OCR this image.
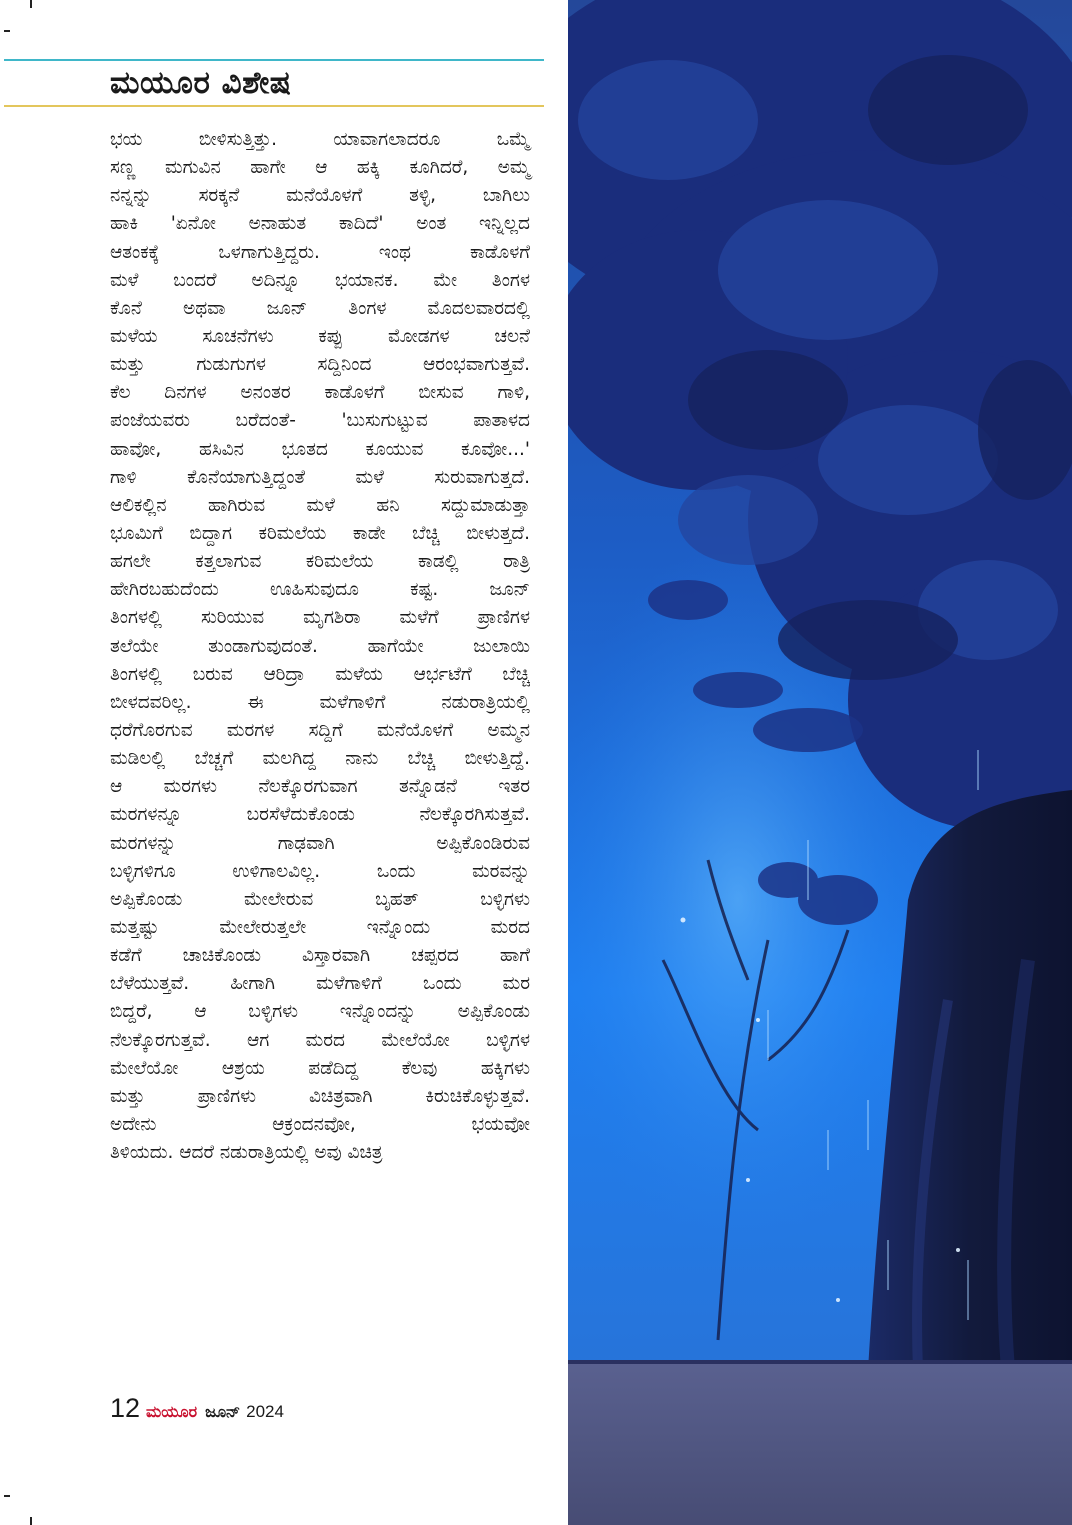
ಮಯೂರ ವಿಶೇಷ
ಭಯ ಬೀಳಿಸುತ್ತಿತ್ತು. ಯಾವಾಗಲಾದರೂ ಒಮ್ಮೆ
ಸಣ್ಣ ಮಗುವಿನ ಹಾಗೇ ಆ ಹಕ್ಕಿ ಕೂಗಿದರೆ, ಅಮ್ಮ
ನನ್ನನ್ನು ಸರಕ್ಕನೆ ಮನೆಯೊಳಗೆ ತಳ್ಳಿ, ಬಾಗಿಲು
ಹಾಕಿ 'ಏನೋ ಅನಾಹುತ ಕಾದಿದೆ' ಅಂತ ಇನ್ನಿಲ್ಲದ
ಆತಂಕಕ್ಕೆ ಒಳಗಾಗುತ್ತಿದ್ದರು. ಇಂಥ ಕಾಡೊಳಗೆ
ಮಳೆ ಬಂದರೆ ಅದಿನ್ನೂ ಭಯಾನಕ. ಮೇ ತಿಂಗಳ
ಕೊನೆ ಅಥವಾ ಜೂನ್ ತಿಂಗಳ ಮೊದಲವಾರದಲ್ಲಿ
ಮಳೆಯ ಸೂಚನೆಗಳು ಕಪ್ಪು ಮೋಡಗಳ ಚಲನೆ
ಮತ್ತು ಗುಡುಗುಗಳ ಸದ್ದಿನಿಂದ ಆರಂಭವಾಗುತ್ತವೆ.
ಕೆಲ ದಿನಗಳ ಅನಂತರ ಕಾಡೊಳಗೆ ಬೀಸುವ ಗಾಳಿ,
ಪಂಜೆಯವರು ಬರೆದಂತೆ- 'ಬುಸುಗುಟ್ಟುವ ಪಾತಾಳದ
ಹಾವೋ, ಹಸಿವಿನ ಭೂತದ ಕೂಯುವ ಕೂವೋ...'
ಗಾಳಿ ಕೊನೆಯಾಗುತ್ತಿದ್ದಂತೆ ಮಳೆ ಸುರುವಾಗುತ್ತದೆ.
ಆಲಿಕಲ್ಲಿನ ಹಾಗಿರುವ ಮಳೆ ಹನಿ ಸದ್ದುಮಾಡುತ್ತಾ
ಭೂಮಿಗೆ ಬಿದ್ದಾಗ ಕರಿಮಲೆಯ ಕಾಡೇ ಬೆಚ್ಚಿ ಬೀಳುತ್ತದೆ.
ಹಗಲೇ ಕತ್ತಲಾಗುವ ಕರಿಮಲೆಯ ಕಾಡಲ್ಲಿ ರಾತ್ರಿ
ಹೇಗಿರಬಹುದೆಂದು ಊಹಿಸುವುದೂ ಕಷ್ಟ. ಜೂನ್
ತಿಂಗಳಲ್ಲಿ ಸುರಿಯುವ ಮೃಗಶಿರಾ ಮಳೆಗೆ ಪ್ರಾಣಿಗಳ
ತಲೆಯೇ ತುಂಡಾಗುವುದಂತೆ. ಹಾಗೆಯೇ ಜುಲಾಯಿ
ತಿಂಗಳಲ್ಲಿ ಬರುವ ಆರಿದ್ರಾ ಮಳೆಯ ಆರ್ಭಟೆಗೆ ಬೆಚ್ಚಿ
ಬೀಳದವರಿಲ್ಲ. ಈ ಮಳೆಗಾಳಿಗೆ ನಡುರಾತ್ರಿಯಲ್ಲಿ
ಧರೆಗೊರಗುವ ಮರಗಳ ಸದ್ದಿಗೆ ಮನೆಯೊಳಗೆ ಅಮ್ಮನ
ಮಡಿಲಲ್ಲಿ ಬೆಚ್ಚಗೆ ಮಲಗಿದ್ದ ನಾನು ಬೆಚ್ಚಿ ಬೀಳುತ್ತಿದ್ದೆ.
ಆ ಮರಗಳು ನೆಲಕ್ಕೊರಗುವಾಗ ತನ್ನೊಡನೆ ಇತರ
ಮರಗಳನ್ನೂ ಬರಸೆಳೆದುಕೊಂಡು ನೆಲಕ್ಕೊರಗಿಸುತ್ತವೆ.
ಮರಗಳನ್ನು ಗಾಢವಾಗಿ ಅಪ್ಪಿಕೊಂಡಿರುವ
ಬಳ್ಳಿಗಳಿಗೂ ಉಳಿಗಾಲವಿಲ್ಲ. ಒಂದು ಮರವನ್ನು
ಅಪ್ಪಿಕೊಂಡು ಮೇಲೇರುವ ಬೃಹತ್ ಬಳ್ಳಿಗಳು
ಮತ್ತಷ್ಟು ಮೇಲೇರುತ್ತಲೇ ಇನ್ನೊಂದು ಮರದ
ಕಡೆಗೆ ಚಾಚಿಕೊಂಡು ವಿಸ್ತಾರವಾಗಿ ಚಪ್ಪರದ ಹಾಗೆ
ಬೆಳೆಯುತ್ತವೆ. ಹೀಗಾಗಿ ಮಳೆಗಾಳಿಗೆ ಒಂದು ಮರ
ಬಿದ್ದರೆ, ಆ ಬಳ್ಳಿಗಳು ಇನ್ನೊಂದನ್ನು ಅಪ್ಪಿಕೊಂಡು
ನೆಲಕ್ಕೊರಗುತ್ತವೆ. ಆಗ ಮರದ ಮೇಲೆಯೋ ಬಳ್ಳಿಗಳ
ಮೇಲೆಯೋ ಆಶ್ರಯ ಪಡೆದಿದ್ದ ಕೆಲವು ಹಕ್ಕಿಗಳು
ಮತ್ತು ಪ್ರಾಣಿಗಳು ವಿಚಿತ್ರವಾಗಿ ಕಿರುಚಿಕೊಳ್ಳುತ್ತವೆ.
ಅದೇನು ಆಕ್ರಂದನವೋ, ಭಯವೋ
ತಿಳಿಯದು. ಆದರೆ ನಡುರಾತ್ರಿಯಲ್ಲಿ ಅವು ವಿಚಿತ್ರ
12 ಮಯೂರ ಜೂನ್ 2024
